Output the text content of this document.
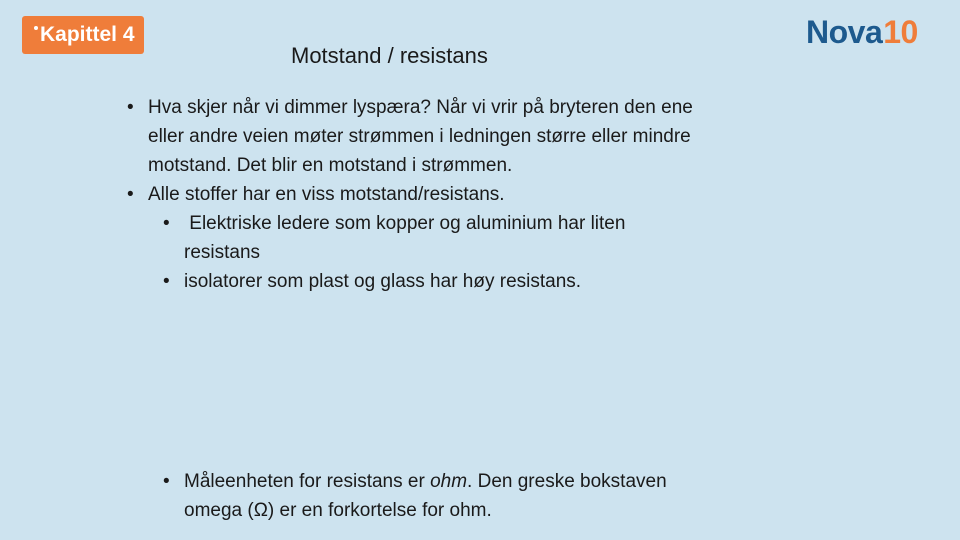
Kapittel 4	Nova 10
Motstand / resistans
• Hva skjer når vi dimmer lyspæra? Når vi vrir på bryteren den ene eller andre veien møter strømmen i ledningen større eller mindre motstand. Det blir en motstand i strømmen.
• Alle stoffer har en viss motstand/resistans.
• Elektriske ledere som kopper og aluminium har liten resistans
• isolatorer som plast og glass har høy resistans.
• Måleenheten for resistans er ohm. Den greske bokstaven omega (Ω) er en forkortelse for ohm.
